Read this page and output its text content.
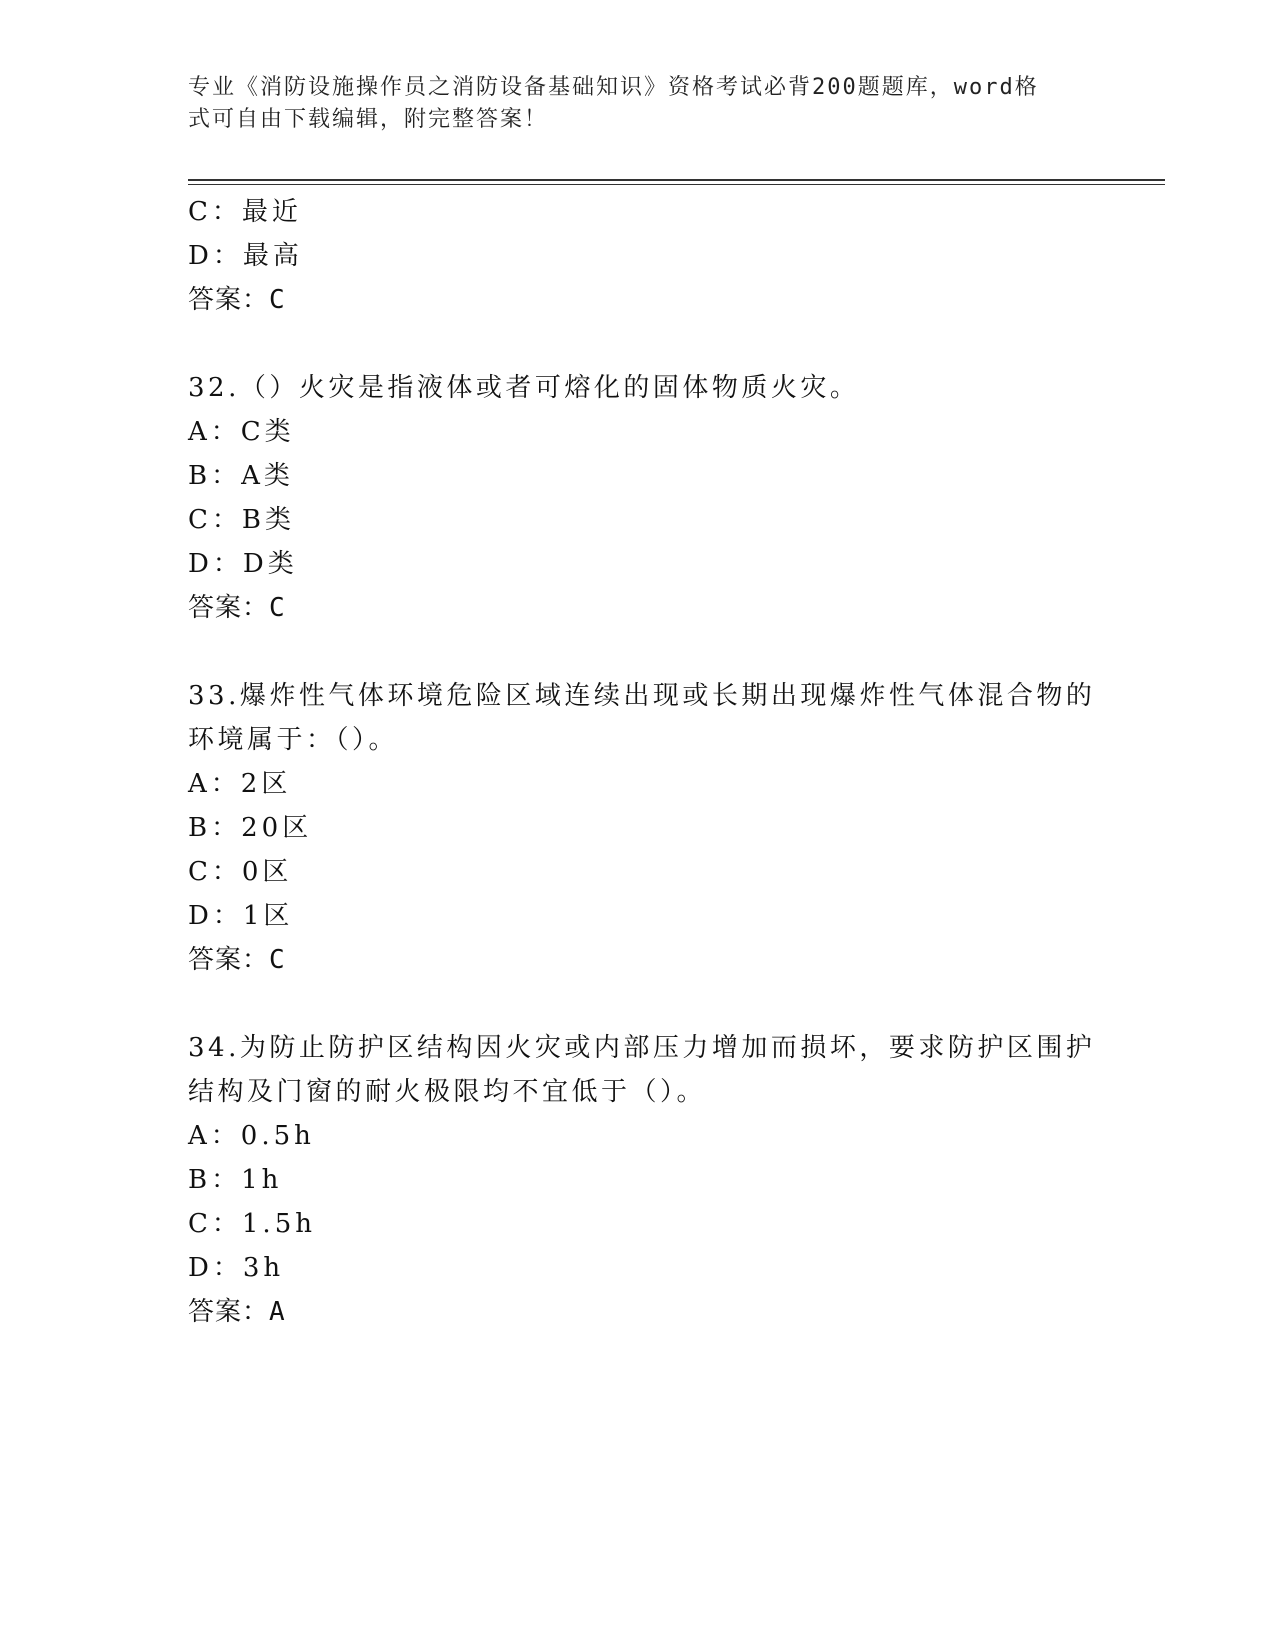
专业《消防设施操作员之消防设备基础知识》资格考试必背200题题库，word格
式可自由下载编辑，附完整答案！
C：最近
D：最高
答案：C
32.（）火灾是指液体或者可熔化的固体物质火灾。
A：C类
B：A类
C：B类
D：D类
答案：C
33.爆炸性气体环境危险区域连续出现或长期出现爆炸性气体混合物的
环境属于：（）。
A：2区
B：20区
C：0区
D：1区
答案：C
34.为防止防护区结构因火灾或内部压力增加而损坏，要求防护区围护
结构及门窗的耐火极限均不宜低于（）。
A：0.5h
B：1h
C：1.5h
D：3h
答案：A
